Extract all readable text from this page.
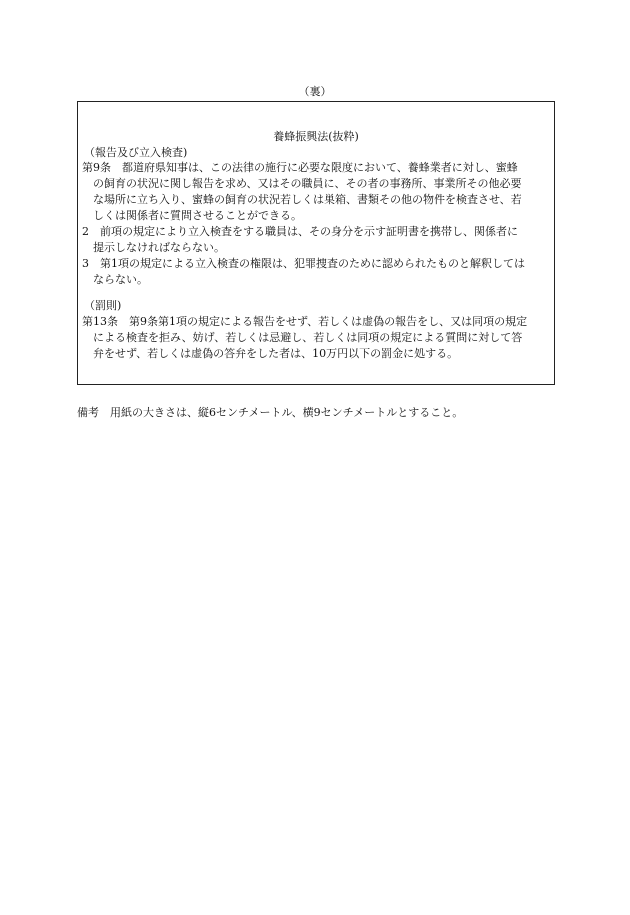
（裏）
養蜂振興法(抜粋)
（報告及び立入検査)
第9条　都道府県知事は、この法律の施行に必要な限度において、養蜂業者に対し、蜜蜂
の飼育の状況に関し報告を求め、又はその職員に、その者の事務所、事業所その他必要
な場所に立ち入り、蜜蜂の飼育の状況若しくは巣箱、書類その他の物件を検査させ、若
しくは関係者に質問させることができる。
2　前項の規定により立入検査をする職員は、その身分を示す証明書を携帯し、関係者に
提示しなければならない。
3　第1項の規定による立入検査の権限は、犯罪捜査のために認められたものと解釈しては
ならない。
（罰則)
第13条　第9条第1項の規定による報告をせず、若しくは虚偽の報告をし、又は同項の規定
による検査を拒み、妨げ、若しくは忌避し、若しくは同項の規定による質問に対して答
弁をせず、若しくは虚偽の答弁をした者は、10万円以下の罰金に処する。
備考　用紙の大きさは、縦6センチメートル、横9センチメートルとすること。
